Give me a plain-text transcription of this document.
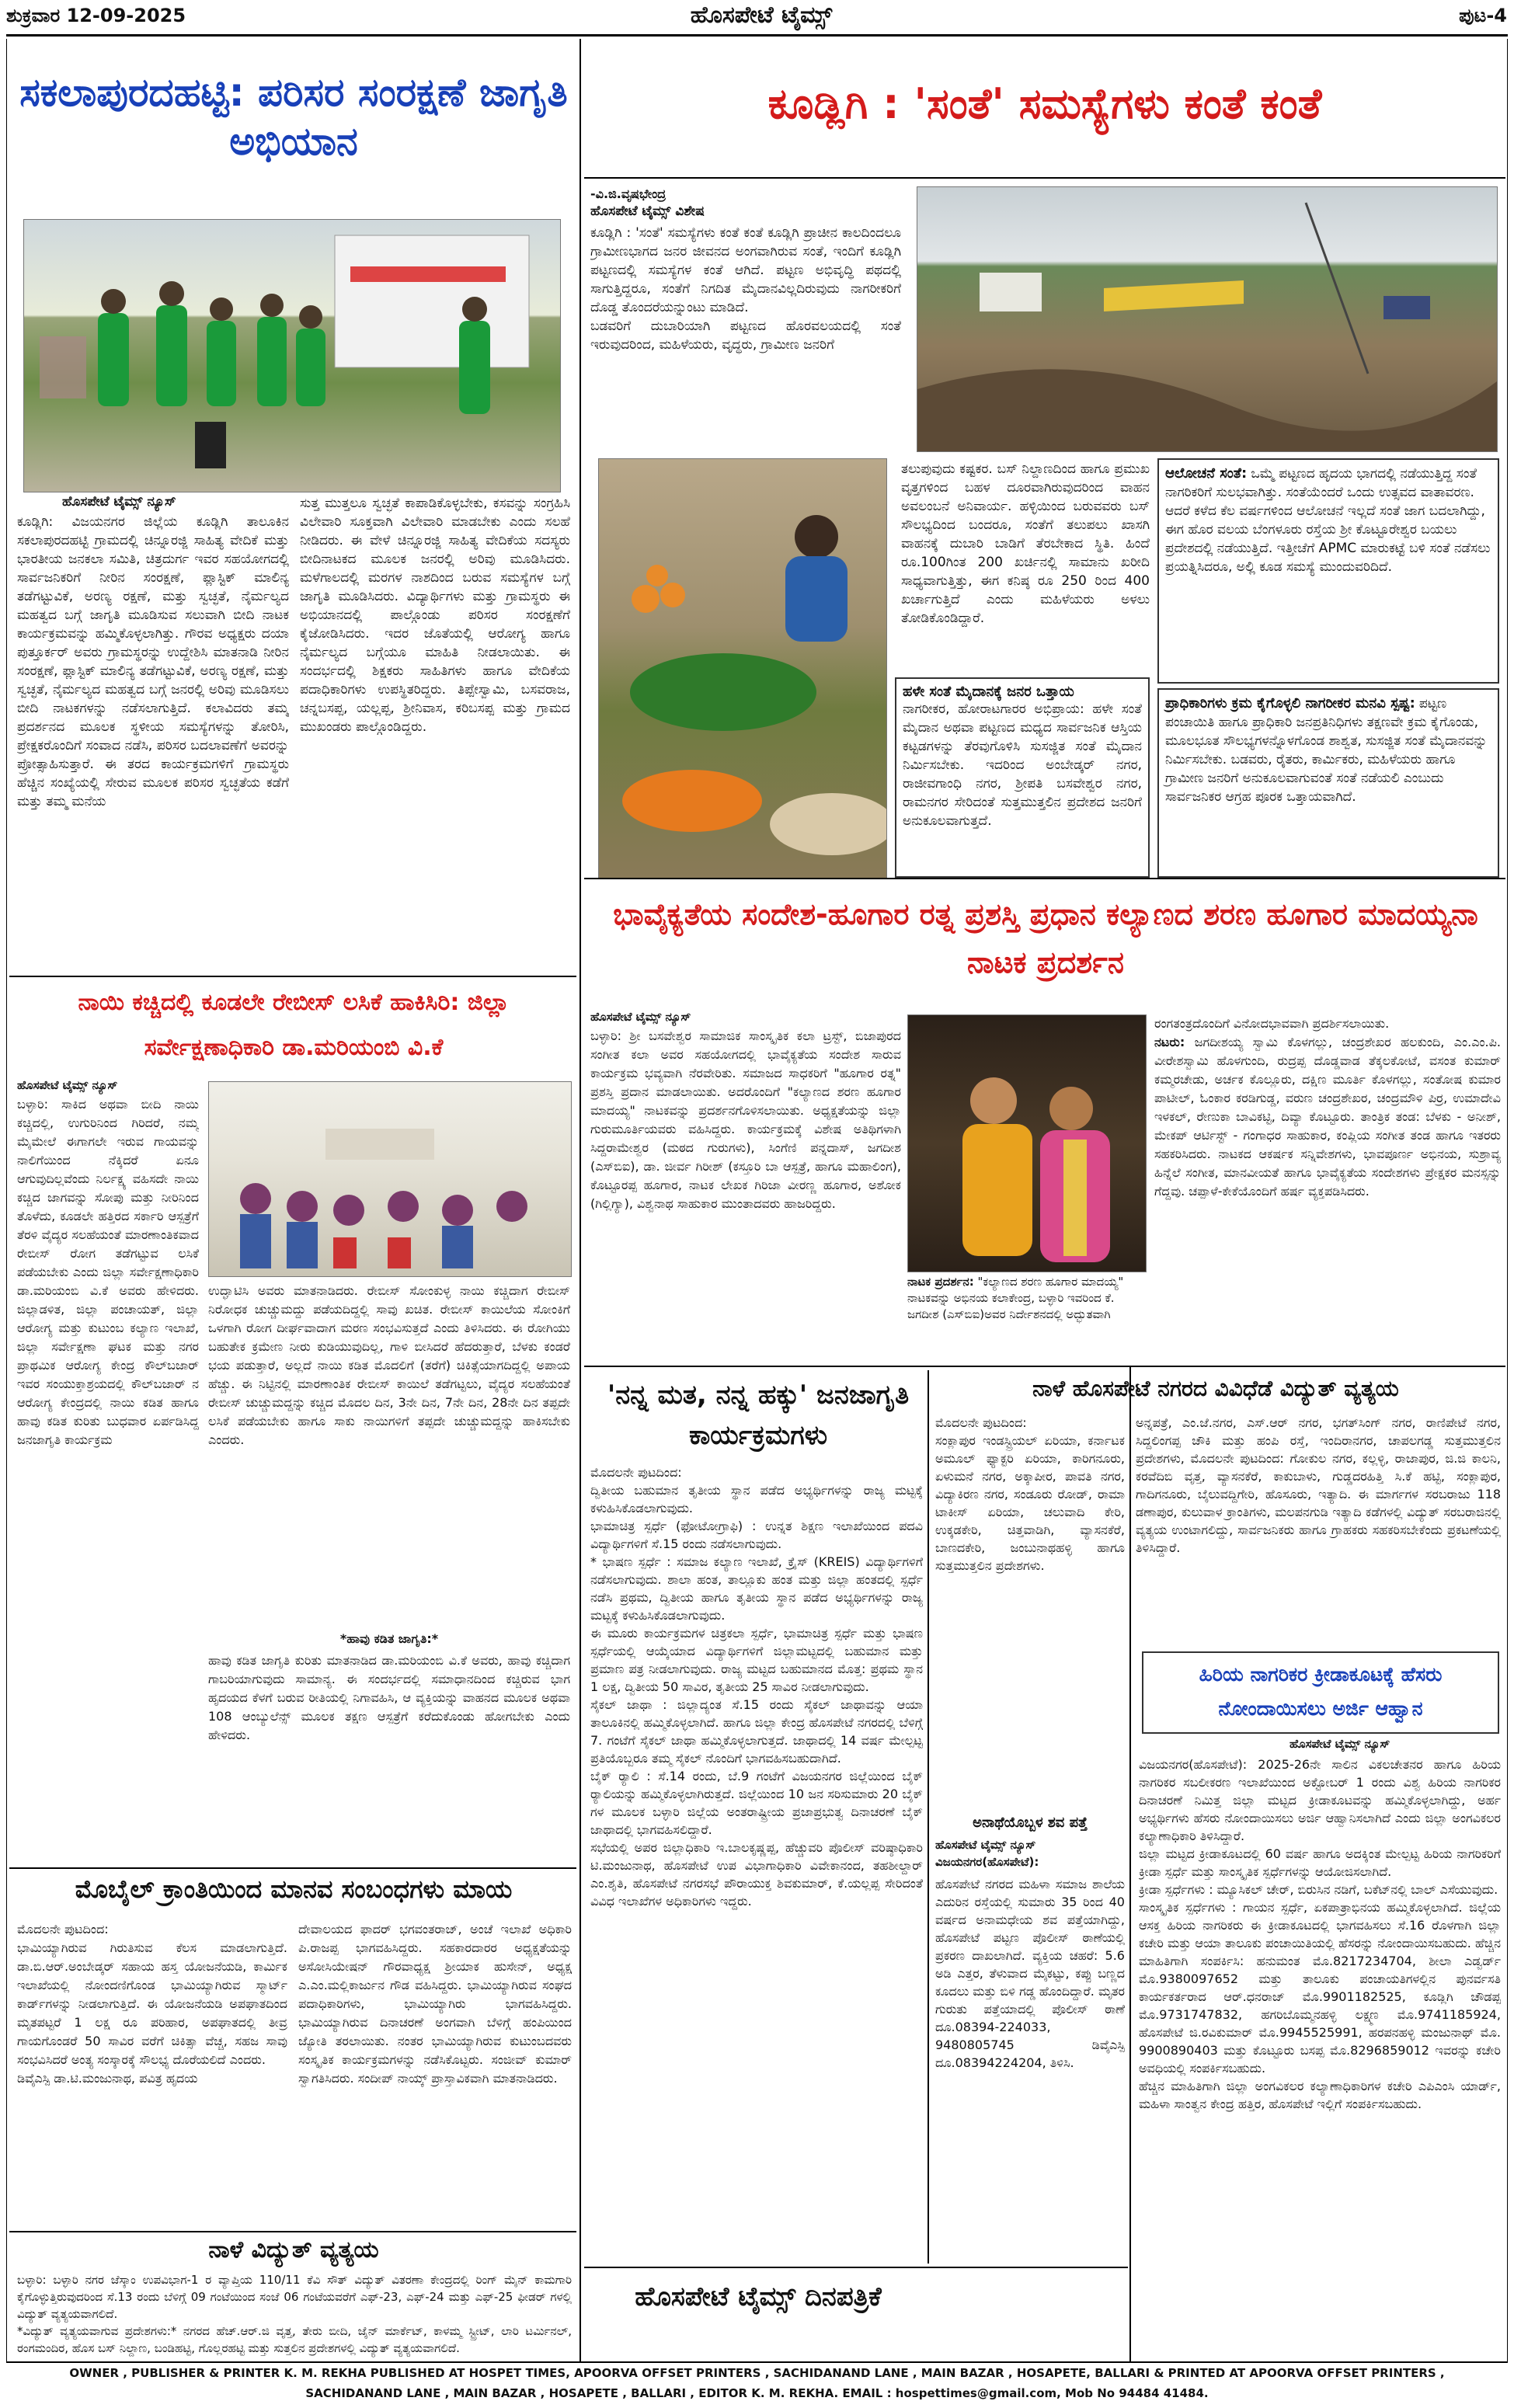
ಶುಕ್ರವಾರ 12-09-2025	ಹೊಸಪೇಟೆ ಟೈಮ್ಸ್	ಪುಟ-4
ಸಕಲಾಪುರದಹಟ್ಟಿ: ಪರಿಸರ ಸಂರಕ್ಷಣೆ ಜಾಗೃತಿ ಅಭಿಯಾನ
ಹೊಸಪೇಟೆ ಟೈಮ್ಸ್ ನ್ಯೂಸ್
ಕೂಡ್ಲಿಗಿ: ವಿಜಯನಗರ ಜಿಲ್ಲೆಯ ಕೂಡ್ಲಿಗಿ ತಾಲೂಕಿನ ಸಕಲಾಪುರದಹಟ್ಟಿ ಗ್ರಾಮದಲ್ಲಿ ಚಿನ್ನೂರಜ್ಜಿ ಸಾಹಿತ್ಯ ವೇದಿಕೆ ಮತ್ತು ಭಾರತೀಯ ಜನಕಲಾ ಸಮಿತಿ, ಚಿತ್ರದುರ್ಗ ಇವರ ಸಹಯೋಗದಲ್ಲಿ ಸಾರ್ವಜನಿಕರಿಗೆ ನೀರಿನ ಸಂರಕ್ಷಣೆ, ಪ್ಲಾಸ್ಟಿಕ್ ಮಾಲಿನ್ಯ ತಡೆಗಟ್ಟುವಿಕೆ, ಅರಣ್ಯ ರಕ್ಷಣೆ, ಮತ್ತು ಸ್ವಚ್ಛತೆ, ನೈರ್ಮಲ್ಯದ ಮಹತ್ವದ ಬಗ್ಗೆ ಜಾಗೃತಿ ಮೂಡಿಸುವ ಸಲುವಾಗಿ ಬೀದಿ ನಾಟಕ ಕಾರ್ಯಕ್ರಮವನ್ನು ಹಮ್ಮಿಕೊಳ್ಳಲಾಗಿತ್ತು. ಗೌರವ ಅಧ್ಯಕ್ಷರು ದಯಾ ಪುತ್ತೂರ್ಕರ್ ಅವರು ಗ್ರಾಮಸ್ಥರನ್ನು ಉದ್ದೇಶಿಸಿ ಮಾತನಾಡಿ ನೀರಿನ ಸಂರಕ್ಷಣೆ, ಪ್ಲಾಸ್ಟಿಕ್ ಮಾಲಿನ್ಯ ತಡೆಗಟ್ಟುವಿಕೆ, ಅರಣ್ಯ ರಕ್ಷಣೆ, ಮತ್ತು ಸ್ವಚ್ಛತೆ, ನೈರ್ಮಲ್ಯದ ಮಹತ್ವದ ಬಗ್ಗೆ ಜನರಲ್ಲಿ ಅರಿವು ಮೂಡಿಸಲು ಬೀದಿ ನಾಟಕಗಳನ್ನು ನಡೆಸಲಾಗುತ್ತಿದೆ. ಕಲಾವಿದರು ತಮ್ಮ ಪ್ರದರ್ಶನದ ಮೂಲಕ ಸ್ಥಳೀಯ ಸಮಸ್ಯೆಗಳನ್ನು ತೋರಿಸಿ, ಪ್ರೇಕ್ಷಕರೊಂದಿಗೆ ಸಂವಾದ ನಡೆಸಿ, ಪರಿಸರ ಬದಲಾವಣೆಗೆ ಅವರನ್ನು ಪ್ರೋತ್ಸಾಹಿಸುತ್ತಾರೆ. ಈ ತರದ ಕಾರ್ಯಕ್ರಮಗಳಿಗೆ ಗ್ರಾಮಸ್ಥರು ಹೆಚ್ಚಿನ ಸಂಖ್ಯೆಯಲ್ಲಿ ಸೇರುವ ಮೂಲಕ ಪರಿಸರ ಸ್ವಚ್ಛತೆಯ ಕಡೆಗೆ ಮತ್ತು ತಮ್ಮ ಮನೆಯ
ಸುತ್ತ ಮುತ್ತಲೂ ಸ್ವಚ್ಛತೆ ಕಾಪಾಡಿಕೊಳ್ಳಬೇಕು, ಕಸವನ್ನು ಸಂಗ್ರಹಿಸಿ ವಿಲೇವಾರಿ ಸೂಕ್ತವಾಗಿ ವಿಲೇವಾರಿ ಮಾಡಬೇಕು ಎಂದು ಸಲಹೆ ನೀಡಿದರು. ಈ ವೇಳೆ ಚಿನ್ನೂರಜ್ಜಿ ಸಾಹಿತ್ಯ ವೇದಿಕೆಯ ಸದಸ್ಯರು ಬೀದಿನಾಟಕದ ಮೂಲಕ ಜನರಲ್ಲಿ ಅರಿವು ಮೂಡಿಸಿದರು. ಮಳೆಗಾಲದಲ್ಲಿ ಮರಗಳ ನಾಶದಿಂದ ಬರುವ ಸಮಸ್ಯೆಗಳ ಬಗ್ಗೆ ಜಾಗೃತಿ ಮೂಡಿಸಿದರು. ವಿದ್ಯಾರ್ಥಿಗಳು ಮತ್ತು ಗ್ರಾಮಸ್ಥರು ಈ ಅಭಿಯಾನದಲ್ಲಿ ಪಾಲ್ಗೊಂಡು ಪರಿಸರ ಸಂರಕ್ಷಣೆಗೆ ಕೈಜೋಡಿಸಿದರು. ಇದರ ಜೊತೆಯಲ್ಲಿ ಆರೋಗ್ಯ ಹಾಗೂ ನೈರ್ಮಲ್ಯದ ಬಗ್ಗೆಯೂ ಮಾಹಿತಿ ನೀಡಲಾಯಿತು. ಈ ಸಂದರ್ಭದಲ್ಲಿ ಶಿಕ್ಷಕರು ಸಾಹಿತಿಗಳು ಹಾಗೂ ವೇದಿಕೆಯ ಪದಾಧಿಕಾರಿಗಳು ಉಪಸ್ಥಿತರಿದ್ದರು. ತಿಪ್ಪೇಸ್ವಾಮಿ, ಬಸವರಾಜ, ಚನ್ನಬಸಪ್ಪ, ಯಲ್ಲಪ್ಪ, ಶ್ರೀನಿವಾಸ, ಕರಿಬಸಪ್ಪ ಮತ್ತು ಗ್ರಾಮದ ಮುಖಂಡರು ಪಾಲ್ಗೊಂಡಿದ್ದರು.
ಕೂಡ್ಲಿಗಿ : 'ಸಂತೆ' ಸಮಸ್ಯೆಗಳು ಕಂತೆ ಕಂತೆ
-ವಿ.ಜಿ.ವೃಷಭೇಂದ್ರ
ಹೊಸಪೇಟೆ ಟೈಮ್ಸ್ ವಿಶೇಷ
ಕೂಡ್ಲಿಗಿ : 'ಸಂತೆ' ಸಮಸ್ಯೆಗಳು ಕಂತೆ ಕಂತೆ ಕೂಡ್ಲಿಗಿ ಪ್ರಾಚೀನ ಕಾಲದಿಂದಲೂ ಗ್ರಾಮೀಣಭಾಗದ ಜನರ ಜೀವನದ ಅಂಗವಾಗಿರುವ ಸಂತೆ, ಇಂದಿಗೆ ಕೂಡ್ಲಿಗಿ ಪಟ್ಟಣದಲ್ಲಿ ಸಮಸ್ಯೆಗಳ ಕಂತೆ ಆಗಿದೆ. ಪಟ್ಟಣ ಅಭಿವೃದ್ಧಿ ಪಥದಲ್ಲಿ ಸಾಗುತ್ತಿದ್ದರೂ, ಸಂತೆಗೆ ನಿಗದಿತ ಮೈದಾನವಿಲ್ಲದಿರುವುದು ನಾಗರೀಕರಿಗೆ ದೊಡ್ಡ ತೊಂದರೆಯನ್ನುಂಟು ಮಾಡಿದೆ.
ಬಡವರಿಗೆ ದುಬಾರಿಯಾಗಿ ಪಟ್ಟಣದ ಹೊರವಲಯದಲ್ಲಿ ಸಂತೆ ಇರುವುದರಿಂದ, ಮಹಿಳೆಯರು, ವೃದ್ಧರು, ಗ್ರಾಮೀಣ ಜನರಿಗೆ
ತಲುಪುವುದು ಕಷ್ಟಕರ. ಬಸ್ ನಿಲ್ದಾಣದಿಂದ ಹಾಗೂ ಪ್ರಮುಖ ವೃತ್ತಗಳಿಂದ ಬಹಳ ದೂರವಾಗಿರುವುದರಿಂದ ವಾಹನ ಅವಲಂಬನೆ ಅನಿವಾರ್ಯ. ಹಳ್ಳಿಯಿಂದ ಬರುವವರು ಬಸ್ ಸೌಲಭ್ಯದಿಂದ ಬಂದರೂ, ಸಂತೆಗೆ ತಲುಪಲು ಖಾಸಗಿ ವಾಹನಕ್ಕೆ ದುಬಾರಿ ಬಾಡಿಗೆ ತೆರಬೇಕಾದ ಸ್ಥಿತಿ. ಹಿಂದೆ ರೂ.100ಗಿಂತ 200 ಖರ್ಚಿನಲ್ಲಿ ಸಾಮಾನು ಖರೀದಿ ಸಾಧ್ಯವಾಗುತ್ತಿತ್ತು, ಈಗ ಕನಿಷ್ಠ ರೂ 250 ರಿಂದ 400 ಖರ್ಚಾಗುತ್ತಿದೆ ಎಂದು ಮಹಿಳೆಯರು ಅಳಲು ತೋಡಿಕೊಂಡಿದ್ದಾರೆ.
ಹಳೇ ಸಂತೆ ಮೈದಾನಕ್ಕೆ ಜನರ ಒತ್ತಾಯ
ನಾಗರೀಕರ, ಹೋರಾಟಗಾರರ ಅಭಿಪ್ರಾಯ: ಹಳೇ ಸಂತೆ ಮೈದಾನ ಅಥವಾ ಪಟ್ಟಣದ ಮಧ್ಯದ ಸಾರ್ವಜನಿಕ ಆಸ್ತಿಯ ಕಟ್ಟಡಗಳನ್ನು ತೆರವುಗೊಳಿಸಿ ಸುಸಜ್ಜಿತ ಸಂತೆ ಮೈದಾನ ನಿರ್ಮಿಸಬೇಕು. ಇದರಿಂದ ಅಂಬೇಡ್ಕರ್ ನಗರ, ರಾಜೀವಗಾಂಧಿ ನಗರ, ಶ್ರೀಪತಿ ಬಸವೇಶ್ವರ ನಗರ, ರಾಮನಗರ ಸೇರಿದಂತೆ ಸುತ್ತಮುತ್ತಲಿನ ಪ್ರದೇಶದ ಜನರಿಗೆ ಅನುಕೂಲವಾಗುತ್ತದೆ.
ಆಲೋಚನೆ ಸಂತೆ: ಒಮ್ಮೆ ಪಟ್ಟಣದ ಹೃದಯ ಭಾಗದಲ್ಲಿ ನಡೆಯುತ್ತಿದ್ದ ಸಂತೆ ನಾಗರಿಕರಿಗೆ ಸುಲಭವಾಗಿತ್ತು. ಸಂತೆಯೆಂದರೆ ಒಂದು ಉತ್ಸವದ ವಾತಾವರಣ. ಆದರೆ ಕಳೆದ ಕೆಲ ವರ್ಷಗಳಿಂದ ಆಲೋಚನೆ ಇಲ್ಲದೆ ಸಂತೆ ಜಾಗ ಬದಲಾಗಿದ್ದು, ಈಗ ಹೊರ ವಲಯ ಬೆಂಗಳೂರು ರಸ್ತೆಯ ಶ್ರೀ ಕೊಟ್ಟೂರೇಶ್ವರ ಬಯಲು ಪ್ರದೇಶದಲ್ಲಿ ನಡೆಯುತ್ತಿದೆ. ಇತ್ತೀಚೆಗೆ APMC ಮಾರುಕಟ್ಟೆ ಬಳಿ ಸಂತೆ ನಡೆಸಲು ಪ್ರಯತ್ನಿಸಿದರೂ, ಅಲ್ಲಿ ಕೂಡ ಸಮಸ್ಯೆ ಮುಂದುವರಿದಿದೆ.
ಪ್ರಾಧಿಕಾರಿಗಳು ಕ್ರಮ ಕೈಗೊಳ್ಳಲಿ ನಾಗರೀಕರ ಮನವಿ ಸ್ಪಷ್ಟ: ಪಟ್ಟಣ ಪಂಚಾಯಿತಿ ಹಾಗೂ ಪ್ರಾಧಿಕಾರಿ ಜನಪ್ರತಿನಿಧಿಗಳು ತಕ್ಷಣವೇ ಕ್ರಮ ಕೈಗೊಂಡು, ಮೂಲಭೂತ ಸೌಲಭ್ಯಗಳನ್ನೊಳಗೊಂಡ ಶಾಶ್ವತ, ಸುಸಜ್ಜಿತ ಸಂತೆ ಮೈದಾನವನ್ನು ನಿರ್ಮಿಸಬೇಕು. ಬಡವರು, ರೈತರು, ಕಾರ್ಮಿಕರು, ಮಹಿಳೆಯರು ಹಾಗೂ ಗ್ರಾಮೀಣ ಜನರಿಗೆ ಅನುಕೂಲವಾಗುವಂತೆ ಸಂತೆ ನಡೆಯಲಿ ಎಂಬುದು ಸಾರ್ವಜನಿಕರ ಆಗ್ರಹ ಪೂರಕ ಒತ್ತಾಯವಾಗಿದೆ.
ನಾಯಿ ಕಚ್ಚಿದಲ್ಲಿ ಕೂಡಲೇ ರೇಬೀಸ್ ಲಸಿಕೆ ಹಾಕಿಸಿರಿ: ಜಿಲ್ಲಾ ಸರ್ವೇಕ್ಷಣಾಧಿಕಾರಿ ಡಾ.ಮರಿಯಂಬಿ ವಿ.ಕೆ
ಹೊಸಪೇಟೆ ಟೈಮ್ಸ್ ನ್ಯೂಸ್
ಬಳ್ಳಾರಿ: ಸಾಕಿದ ಅಥವಾ ಬೀದಿ ನಾಯಿ ಕಚ್ಚಿದಲ್ಲಿ, ಉಗುರಿನಿಂದ ಗಿರಿದರೆ, ನಮ್ಮ ಮೈಮೇಲೆ ಈಗಾಗಲೇ ಇರುವ ಗಾಯವನ್ನು ನಾಲಿಗೆಯಿಂದ ನೆಕ್ಕಿದರೆ ಏನೂ ಆಗುವುದಿಲ್ಲವೆಂದು ನಿರ್ಲಕ್ಷ್ಯ ವಹಿಸದೇ ನಾಯಿ ಕಚ್ಚಿದ ಜಾಗವನ್ನು ಸೋಪು ಮತ್ತು ನೀರಿನಿಂದ ತೊಳೆದು, ಕೂಡಲೇ ಹತ್ತಿರದ ಸರ್ಕಾರಿ ಆಸ್ಪತ್ರೆಗೆ ತೆರಳಿ ವೈದ್ಯರ ಸಲಹೆಯಂತೆ ಮಾರಣಾಂತಿಕವಾದ ರೇಬೀಸ್ ರೋಗ ತಡೆಗಟ್ಟುವ ಲಸಿಕೆ ಪಡೆಯಬೇಕು ಎಂದು ಜಿಲ್ಲಾ ಸರ್ವೇಕ್ಷಣಾಧಿಕಾರಿ ಡಾ.ಮರಿಯಂಬಿ ವಿ.ಕೆ ಅವರು ಹೇಳಿದರು. ಜಿಲ್ಲಾಡಳಿತ, ಜಿಲ್ಲಾ ಪಂಚಾಯತ್, ಜಿಲ್ಲಾ ಆರೋಗ್ಯ ಮತ್ತು ಕುಟುಂಬ ಕಲ್ಯಾಣ ಇಲಾಖೆ, ಜಿಲ್ಲಾ ಸರ್ವೇಕ್ಷಣಾ ಘಟಕ ಮತ್ತು ನಗರ ಪ್ರಾಥಮಿಕ ಆರೋಗ್ಯ ಕೇಂದ್ರ ಕೌಲ್‌ಬಜಾರ್ ಇವರ ಸಂಯುಕ್ತಾಶ್ರಯದಲ್ಲಿ ಕೌಲ್‌ಬಜಾರ್ ನ ಆರೋಗ್ಯ ಕೇಂದ್ರದಲ್ಲಿ ನಾಯಿ ಕಡಿತ ಹಾಗೂ ಹಾವು ಕಡಿತ ಕುರಿತು ಬುಧವಾರ ಏರ್ಪಡಿಸಿದ್ದ ಜನಜಾಗೃತಿ ಕಾರ್ಯಕ್ರಮ
ಉದ್ಘಾಟಿಸಿ ಅವರು ಮಾತನಾಡಿದರು. ರೇಬೀಸ್ ಸೋಂಕುಳ್ಳ ನಾಯಿ ಕಚ್ಚಿದಾಗ ರೇಬೀಸ್ ನಿರೋಧಕ ಚುಚ್ಚುಮದ್ದು ಪಡೆಯದಿದ್ದಲ್ಲಿ ಸಾವು ಖಚಿತ. ರೇಬೀಸ್ ಕಾಯಿಲೆಯ ಸೋಂಕಿಗೆ ಒಳಗಾಗಿ ರೋಗ ದೀರ್ಘವಾದಾಗ ಮರಣ ಸಂಭವಿಸುತ್ತದೆ ಎಂದು ತಿಳಿಸಿದರು. ಈ ರೋಗಿಯು ಬಹುತೇಕ ಕ್ರಮೇಣ ನೀರು ಕುಡಿಯುವುದಿಲ್ಲ, ಗಾಳಿ ಬೀಸಿದರೆ ಹೆದರುತ್ತಾರೆ, ಬೆಳಕು ಕಂಡರೆ ಭಯ ಪಡುತ್ತಾರೆ, ಅಲ್ಲದೆ ನಾಯಿ ಕಡಿತ ಮೊದಲಿಗೆ (ತರೆಗೆ) ಚಿಕಿತ್ಸೆಯಾಗದಿದ್ದಲ್ಲಿ ಅಪಾಯ ಹೆಚ್ಚು. ಈ ನಿಟ್ಟಿನಲ್ಲಿ ಮಾರಣಾಂತಿಕ ರೇಬೀಸ್ ಕಾಯಿಲೆ ತಡೆಗಟ್ಟಲು, ವೈದ್ಯರ ಸಲಹೆಯಂತೆ ರೇಬೀಸ್ ಚುಚ್ಚುಮದ್ದನ್ನು ಕಚ್ಚಿದ ಮೊದಲ ದಿನ, 3ನೇ ದಿನ, 7ನೇ ದಿನ, 28ನೇ ದಿನ ತಪ್ಪದೇ ಲಸಿಕೆ ಪಡೆಯಬೇಕು ಹಾಗೂ ಸಾಕು ನಾಯಿಗಳಿಗೆ ತಪ್ಪದೇ ಚುಚ್ಚುಮದ್ದನ್ನು ಹಾಕಿಸಬೇಕು ಎಂದರು.
*ಹಾವು ಕಡಿತ ಜಾಗೃತಿ:*
ಹಾವು ಕಡಿತ ಜಾಗೃತಿ ಕುರಿತು ಮಾತನಾಡಿದ ಡಾ.ಮರಿಯಂಬಿ ವಿ.ಕೆ ಅವರು, ಹಾವು ಕಚ್ಚಿದಾಗ ಗಾಬರಿಯಾಗುವುದು ಸಾಮಾನ್ಯ. ಈ ಸಂದರ್ಭದಲ್ಲಿ ಸಮಾಧಾನದಿಂದ ಕಚ್ಚಿರುವ ಭಾಗ ಹೃದಯದ ಕೆಳಗೆ ಬರುವ ರೀತಿಯಲ್ಲಿ ನಿಗಾವಹಿಸಿ, ಆ ವ್ಯಕ್ತಿಯನ್ನು ವಾಹನದ ಮೂಲಕ ಅಥವಾ 108 ಆಂಬ್ಯುಲೆನ್ಸ್ ಮೂಲಕ ತಕ್ಷಣ ಆಸ್ಪತ್ರೆಗೆ ಕರೆದುಕೊಂಡು ಹೋಗಬೇಕು ಎಂದು ಹೇಳಿದರು.
ಭಾವೈಕ್ಯತೆಯ ಸಂದೇಶ-ಹೂಗಾರ ರತ್ನ ಪ್ರಶಸ್ತಿ ಪ್ರಧಾನ ಕಲ್ಯಾಣದ ಶರಣ ಹೂಗಾರ ಮಾದಯ್ಯನಾ ನಾಟಕ ಪ್ರದರ್ಶನ
ಹೊಸಪೇಟೆ ಟೈಮ್ಸ್ ನ್ಯೂಸ್
ಬಳ್ಳಾರಿ: ಶ್ರೀ ಬಸವೇಶ್ವರ ಸಾಮಾಜಿಕ ಸಾಂಸ್ಕೃತಿಕ ಕಲಾ ಟ್ರಸ್ಟ್, ಬಿಜಾಪುರದ ಸಂಗೀತ ಕಲಾ ಅವರ ಸಹಯೋಗದಲ್ಲಿ ಭಾವೈಕ್ಯತೆಯ ಸಂದೇಶ ಸಾರುವ ಕಾರ್ಯಕ್ರಮ ಭವ್ಯವಾಗಿ ನೆರವೇರಿತು. ಸಮಾಜದ ಸಾಧಕರಿಗೆ "ಹೂಗಾರ ರತ್ನ" ಪ್ರಶಸ್ತಿ ಪ್ರದಾನ ಮಾಡಲಾಯಿತು. ಅದರೊಂದಿಗೆ "ಕಲ್ಯಾಣದ ಶರಣ ಹೂಗಾರ ಮಾದಯ್ಯ" ನಾಟಕವನ್ನು ಪ್ರದರ್ಶನಗೊಳಿಸಲಾಯಿತು. ಅಧ್ಯಕ್ಷತೆಯನ್ನು ಜಿಲ್ಲಾ ಗುರುಮೂರ್ತಿಯವರು ವಹಿಸಿದ್ದರು. ಕಾರ್ಯಕ್ರಮಕ್ಕೆ ವಿಶೇಷ ಅತಿಥಿಗಳಾಗಿ ಸಿದ್ದರಾಮೇಶ್ವರ (ಮಠದ ಗುರುಗಳು), ಸಿಂಗೆಣಿ ಪನ್ನದಾಸ್, ಜಗದೀಶ (ಎಸ್‌ಬಿಐ), ಡಾ. ಜೀರ್ವ ಗಿರೀಶ್ (ಕಸ್ತೂರಿ ಬಾ ಆಸ್ಪತ್ರೆ, ಹಾಗೂ ಮಹಾಲಿಂಗ), ಕೊಟ್ಟೂರಪ್ಪ ಹೂಗಾರ, ನಾಟಕ ಲೇಖಕ ಗಿರಿಜಾ ವೀರಣ್ಣ ಹೂಗಾರ, ಅಶೋಕ (ಗಿಲ್ಲಿಗ್ಯಾ), ವಿಶ್ವನಾಥ ಸಾಹುಕಾರ ಮುಂತಾದವರು ಹಾಜರಿದ್ದರು.
ನಾಟಕ ಪ್ರದರ್ಶನ: "ಕಲ್ಯಾಣದ ಶರಣ ಹೂಗಾರ ಮಾದಯ್ಯ" ನಾಟಕವನ್ನು ಅಭಿನಯ ಕಲಾಕೇಂದ್ರ, ಬಳ್ಳಾರಿ ಇವರಿಂದ ಕೆ. ಜಗದೀಶ (ಎಸ್‌ಬಿಐ)ಅವರ ನಿರ್ದೇಶನದಲ್ಲಿ ಅದ್ಭುತವಾಗಿ
ರಂಗತಂತ್ರದೊಂದಿಗೆ ವಿನೋದಭಾವವಾಗಿ ಪ್ರದರ್ಶಿಸಲಾಯಿತು.
ನಟರು: ಜಗದೀಶಯ್ಯ ಸ್ವಾಮಿ ಕೊಳಗಲ್ಲು, ಚಂದ್ರಶೇಖರ ಹಲಕುಂದಿ, ಎಂ.ಎಂ.ಪಿ. ವೀರೇಶಸ್ವಾಮಿ ಹೊಳಗುಂದಿ, ರುದ್ರಪ್ಪ ದೊಡ್ಡವಾಡ ತೆಕ್ಕಲಕೋಟೆ, ವಸಂತ ಕುಮಾರ್ ಕಮ್ಮರಚೇಡು, ಅರ್ಚಕ ಕೊಲ್ಲೂರು, ದಕ್ಷಿಣ ಮೂರ್ತಿ ಕೊಳಗಲ್ಲು, ಸಂತೋಷ ಕುಮಾರ ಪಾಟೀಲ್, ಓಂಕಾರ ಕರಡಿಗುಡ್ಡ, ವರುಣ ಚಂದ್ರಶೇಖರ, ಚಂದ್ರಮೌಳಿ ಪಿರ್ರ, ಉಮಾದೇವಿ ಇಳಕಲ್, ರೇಣುಕಾ ಬಾವಿಕಟ್ಟಿ, ದಿವ್ಯಾ ಕೊಟ್ಟೂರು. ತಾಂತ್ರಿಕ ತಂಡ: ಬೆಳಕು - ಅನೀಶ್, ಮೇಕಪ್ ಆರ್ಟಿಸ್ಟ್ - ಗಂಗಾಧರ ಸಾಹುಕಾರ, ಕಂಪ್ಲಿಯ ಸಂಗೀತ ತಂಡ ಹಾಗೂ ಇತರರು ಸಹಕರಿಸಿದರು. ನಾಟಕದ ಆಕರ್ಷಕ ಸನ್ನಿವೇಶಗಳು, ಭಾವಪೂರ್ಣ ಅಭಿನಯ, ಸುಶ್ರಾವ್ಯ ಹಿನ್ನೆಲೆ ಸಂಗೀತ, ಮಾನವೀಯತೆ ಹಾಗೂ ಭಾವೈಕ್ಯತೆಯ ಸಂದೇಶಗಳು ಪ್ರೇಕ್ಷಕರ ಮನಸ್ಸನ್ನು ಗೆದ್ದವು. ಚಪ್ಪಾಳೆ-ಕೇಕೆಯೊಂದಿಗೆ ಹರ್ಷ ವ್ಯಕ್ತಪಡಿಸಿದರು.
ಮೊಬೈಲ್ ಕ್ರಾಂತಿಯಿಂದ ಮಾನವ ಸಂಬಂಧಗಳು ಮಾಯ
ಮೊದಲನೇ ಪುಟದಿಂದ:
ಭಾಮಿಯ್ಯಾಗಿರುವ ಗಿರುತಿಸುವ ಕೆಲಸ ಮಾಡಲಾಗುತ್ತಿದೆ. ಡಾ.ಬಿ.ಆರ್.ಅಂಬೇಡ್ಕರ್ ಸಹಾಯ ಹಸ್ತ ಯೋಜನೆಯಡಿ, ಕಾರ್ಮಿಕ ಇಲಾಖೆಯಲ್ಲಿ ನೋಂದಣಿಗೊಂಡ ಭಾಮಿಯ್ಯಾಗಿರುವ ಸ್ಮಾರ್ಟ್ ಕಾರ್ಡ್‌ಗಳನ್ನು ನೀಡಲಾಗುತ್ತಿದೆ. ಈ ಯೋಜನೆಯಡಿ ಅಪಘಾತದಿಂದ ಮೃತಪಟ್ಟರೆ 1 ಲಕ್ಷ ರೂ ಪರಿಹಾರ, ಅಪಘಾತದಲ್ಲಿ ತೀವ್ರ ಗಾಯಗೊಂಡರೆ 50 ಸಾವಿರ ವರೆಗೆ ಚಿಕಿತ್ಸಾ ವೆಚ್ಚ, ಸಹಜ ಸಾವು ಸಂಭವಿಸಿದರೆ ಅಂತ್ಯ ಸಂಸ್ಕಾರಕ್ಕೆ ಸೌಲಭ್ಯ ದೊರೆಯಲಿದೆ ಎಂದರು.
ಡಿವೈಎಸ್ಪಿ ಡಾ.ಟಿ.ಮಂಜುನಾಥ, ಪವಿತ್ರ ಹೃದಯ
ದೇವಾಲಯದ ಫಾದರ್ ಭಗವಂತರಾಜ್, ಅಂಚೆ ಇಲಾಖೆ ಅಧಿಕಾರಿ ಪಿ.ರಾಜಪ್ಪ ಭಾಗವಹಿಸಿದ್ದರು. ಸಹಕಾರದಾರರ ಅಧ್ಯಕ್ಷತೆಯನ್ನು ಅಸೋಸಿಯೇಷನ್ ಗೌರವಾಧ್ಯಕ್ಷ ಶ್ರೀಯಾಕ ಹುಸೇನ್, ಅಧ್ಯಕ್ಷ ಎ.ಎಂ.ಮಲ್ಲಿಕಾರ್ಜುನ ಗೌಡ ವಹಿಸಿದ್ದರು. ಭಾಮಿಯ್ಯಾಗಿರುವ ಸಂಘದ ಪದಾಧಿಕಾರಿಗಳು, ಭಾಮಿಯ್ಯಾಗಿರು ಭಾಗವಹಿಸಿದ್ದರು. ಭಾಮಿಯ್ಯಾಗಿರುವ ದಿನಾಚರಣೆ ಅಂಗವಾಗಿ ಬೆಳಿಗ್ಗೆ ಹಂಪಿಯಿಂದ ಜ್ಯೋತಿ ತರಲಾಯಿತು. ನಂತರ ಭಾಮಿಯ್ಯಾಗಿರುವ ಕುಟುಂಬದವರು ಸಂಸ್ಕೃತಿಕ ಕಾರ್ಯಕ್ರಮಗಳನ್ನು ನಡೆಸಿಕೊಟ್ಟರು. ಸಂಜೀವ್ ಕುಮಾರ್ ಸ್ವಾಗತಿಸಿದರು. ಸಂದೀಪ್ ನಾಯ್ಕ್ ಪ್ರಾಸ್ತಾವಿಕವಾಗಿ ಮಾತನಾಡಿದರು.
ನಾಳೆ ವಿದ್ಯುತ್ ವ್ಯತ್ಯಯ
ಬಳ್ಳಾರಿ: ಬಳ್ಳಾರಿ ನಗರ ಜೆಸ್ಕಾಂ ಉಪವಿಭಾಗ-1 ರ ವ್ಯಾಪ್ತಿಯ 110/11 ಕೆವಿ ಸೌತ್ ವಿದ್ಯುತ್ ವಿತರಣಾ ಕೇಂದ್ರದಲ್ಲಿ ರಿಂಗ್ ಮೈನ್ ಕಾಮಗಾರಿ ಕೈಗೊಳ್ಳುತ್ತಿರುವುದರಿಂದ ಸೆ.13 ರಂದು ಬೆಳಿಗ್ಗೆ 09 ಗಂಟೆಯಿಂದ ಸಂಜೆ 06 ಗಂಟೆಯವರೆಗೆ ಎಫ್-23, ಎಫ್-24 ಮತ್ತು ಎಫ್-25 ಫೀಡರ್ ಗಳಲ್ಲಿ ವಿದ್ಯುತ್ ವ್ಯತ್ಯಯವಾಗಲಿದೆ.
*ವಿದ್ಯುತ್ ವ್ಯತ್ಯಯವಾಗುವ ಪ್ರದೇಶಗಳು:* ನಗರದ ಹೆಚ್.ಆರ್.ಜಿ ವೃತ್ತ, ತೇರು ಬೀದಿ, ಜೈನ್ ಮಾರ್ಕೆಟ್, ಕಾಳಮ್ಮ ಸ್ಟ್ರೀಟ್, ಲಾರಿ ಟರ್ಮಿನಲ್, ರಂಗಮಂದಿರ, ಹೊಸ ಬಸ್ ನಿಲ್ದಾಣ, ಬಂಡಿಹಟ್ಟಿ, ಗೊಲ್ಲರಹಟ್ಟಿ ಮತ್ತು ಸುತ್ತಲಿನ ಪ್ರದೇಶಗಳಲ್ಲಿ ವಿದ್ಯುತ್ ವ್ಯತ್ಯಯವಾಗಲಿದೆ.
'ನನ್ನ ಮತ, ನನ್ನ ಹಕ್ಕು' ಜನಜಾಗೃತಿ ಕಾರ್ಯಕ್ರಮಗಳು
ಮೊದಲನೇ ಪುಟದಿಂದ:
ದ್ವಿತೀಯ ಬಹುಮಾನ ತೃತೀಯ ಸ್ಥಾನ ಪಡೆದ ಅಭ್ಯರ್ಥಿಗಳನ್ನು ರಾಜ್ಯ ಮಟ್ಟಕ್ಕೆ ಕಳುಹಿಸಿಕೊಡಲಾಗುವುದು.
ಭಾಮಾಚಿತ್ರ ಸ್ಪರ್ಧೆ (ಫೋಟೋಗ್ರಾಫಿ) : ಉನ್ನತ ಶಿಕ್ಷಣ ಇಲಾಖೆಯಿಂದ ಪದವಿ ವಿದ್ಯಾರ್ಥಿಗಳಿಗೆ ಸೆ.15 ರಂದು ನಡೆಸಲಾಗುವುದು.
* ಭಾಷಣ ಸ್ಪರ್ಧೆ : ಸಮಾಜ ಕಲ್ಯಾಣ ಇಲಾಖೆ, ಕ್ರೈಸ್ (KREIS) ವಿದ್ಯಾರ್ಥಿಗಳಿಗೆ ನಡೆಸಲಾಗುವುದು. ಶಾಲಾ ಹಂತ, ತಾಲ್ಲೂಕು ಹಂತ ಮತ್ತು ಜಿಲ್ಲಾ ಹಂತದಲ್ಲಿ ಸ್ಪರ್ಧೆ ನಡೆಸಿ ಪ್ರಥಮ, ದ್ವಿತೀಯ ಹಾಗೂ ತೃತೀಯ ಸ್ಥಾನ ಪಡೆದ ಅಭ್ಯರ್ಥಿಗಳನ್ನು ರಾಜ್ಯ ಮಟ್ಟಕ್ಕೆ ಕಳುಹಿಸಿಕೊಡಲಾಗುವುದು.
ಈ ಮೂರು ಕಾರ್ಯಕ್ರಮಗಳ ಚಿತ್ರಕಲಾ ಸ್ಪರ್ಧೆ, ಭಾಮಾಚಿತ್ರ ಸ್ಪರ್ಧೆ ಮತ್ತು ಭಾಷಣ ಸ್ಪರ್ಧೆಯಲ್ಲಿ ಆಯ್ಕೆಯಾದ ವಿದ್ಯಾರ್ಥಿಗಳಿಗೆ ಜಿಲ್ಲಾಮಟ್ಟದಲ್ಲಿ ಬಹುಮಾನ ಮತ್ತು ಪ್ರಮಾಣ ಪತ್ರ ನೀಡಲಾಗುವುದು. ರಾಜ್ಯ ಮಟ್ಟದ ಬಹುಮಾನದ ಮೊತ್ತ: ಪ್ರಥಮ ಸ್ಥಾನ 1 ಲಕ್ಷ, ದ್ವಿತೀಯ 50 ಸಾವಿರ, ತೃತೀಯ 25 ಸಾವಿರ ನೀಡಲಾಗುವುದು.
ಸೈಕಲ್ ಜಾಥಾ : ಜಿಲ್ಲಾದ್ಯಂತ ಸೆ.15 ರಂದು ಸೈಕಲ್ ಜಾಥಾವನ್ನು ಆಯಾ ತಾಲೂಕಿನಲ್ಲಿ ಹಮ್ಮಿಕೊಳ್ಳಲಾಗಿದೆ. ಹಾಗೂ ಜಿಲ್ಲಾ ಕೇಂದ್ರ ಹೊಸಪೇಟೆ ನಗರದಲ್ಲಿ ಬೆಳಿಗ್ಗೆ 7. ಗಂಟೆಗೆ ಸೈಕಲ್ ಜಾಥಾ ಹಮ್ಮಿಕೊಳ್ಳಲಾಗುತ್ತದೆ. ಜಾಥಾದಲ್ಲಿ 14 ವರ್ಷ ಮೇಲ್ಪಟ್ಟ ಪ್ರತಿಯೊಬ್ಬರೂ ತಮ್ಮ ಸೈಕಲ್ ನೊಂದಿಗೆ ಭಾಗವಹಿಸಬಹುದಾಗಿದೆ.
ಬೈಕ್ ರ‍್ಯಾಲಿ : ಸೆ.14 ರಂದು, ಬೆ.9 ಗಂಟೆಗೆ ವಿಜಯನಗರ ಜಿಲ್ಲೆಯಿಂದ ಬೈಕ್ ರ‍್ಯಾಲಿಯನ್ನು ಹಮ್ಮಿಕೊಳ್ಳಲಾಗಿರುತ್ತದೆ. ಜಿಲ್ಲೆಯಿಂದ 10 ಜನ ಸರಿಸುಮಾರು 20 ಬೈಕ್ ಗಳ ಮೂಲಕ ಬಳ್ಳಾರಿ ಜಿಲ್ಲೆಯ ಅಂತರಾಷ್ಟ್ರೀಯ ಪ್ರಜಾಪ್ರಭುತ್ವ ದಿನಾಚರಣೆ ಬೈಕ್ ಜಾಥಾದಲ್ಲಿ ಭಾಗವಹಿಸಲಿದ್ದಾರೆ.
ಸಭೆಯಲ್ಲಿ ಅಪರ ಜಿಲ್ಲಾಧಿಕಾರಿ ಇ.ಬಾಲಕೃಷ್ಣಪ್ಪ, ಹೆಚ್ಚುವರಿ ಪೊಲೀಸ್ ವರಿಷ್ಠಾಧಿಕಾರಿ ಟಿ.ಮಂಜುನಾಥ, ಹೊಸಪೇಟೆ ಉಪ ವಿಭಾಗಾಧಿಕಾರಿ ವಿವೇಕಾನಂದ, ತಹಶೀಲ್ದಾರ್ ಎಂ.ಶೃತಿ, ಹೊಸಪೇಟೆ ನಗರಸಭೆ ಪೌರಾಯುಕ್ತ ಶಿವಕುಮಾರ್, ಕೆ.ಯಲ್ಲಪ್ಪ ಸೇರಿದಂತೆ ವಿವಿಧ ಇಲಾಖೆಗಳ ಅಧಿಕಾರಿಗಳು ಇದ್ದರು.
ಹೊಸಪೇಟೆ ಟೈಮ್ಸ್ ದಿನಪತ್ರಿಕೆ
ನಾಳೆ ಹೊಸಪೇಟೆ ನಗರದ ವಿವಿಧೆಡೆ ವಿದ್ಯುತ್ ವ್ಯತ್ಯಯ
ಮೊದಲನೇ ಪುಟದಿಂದ:
ಸಂಕ್ಲಾಪುರ ಇಂಡಸ್ಟ್ರಿಯಲ್ ಏರಿಯಾ, ಕರ್ನಾಟಕ ಅಮೂಲ್ ಫ್ಯಾಕ್ಟರಿ ಏರಿಯಾ, ಕಾರಿಗನೂರು, ಏಳುಮನೆ ನಗರ, ಅಕ್ಕಾಪೀರ, ಪಾವತಿ ನಗರ, ವಿದ್ಯಾಕಿರಣ ನಗರ, ಸಂಡೂರು ರೋಡ್, ರಾಮಾ ಟಾಕೀಸ್ ಏರಿಯಾ, ಚಲುವಾದಿ ಕೇರಿ, ಉಕ್ಕಡಕೇರಿ, ಚಿತ್ತವಾಡಿಗಿ, ವ್ಯಾಸನಕೆರೆ, ಬಾಣದಕೇರಿ, ಜಂಬುನಾಥಹಳ್ಳಿ ಹಾಗೂ ಸುತ್ತಮುತ್ತಲಿನ ಪ್ರದೇಶಗಳು.
ಅನಾಥೆಯೊಬ್ಬಳ ಶವ ಪತ್ತೆ
ಹೊಸಪೇಟೆ ಟೈಮ್ಸ್ ನ್ಯೂಸ್ ವಿಜಯನಗರ(ಹೊಸಪೇಟೆ):
ಹೊಸಪೇಟೆ ನಗರದ ಮಹಿಳಾ ಸಮಾಜ ಶಾಲೆಯ ಎದುರಿನ ರಸ್ತೆಯಲ್ಲಿ ಸುಮಾರು 35 ರಿಂದ 40 ವರ್ಷದ ಅನಾಮಧೇಯ ಶವ ಪತ್ತೆಯಾಗಿದ್ದು, ಹೊಸಪೇಟೆ ಪಟ್ಟಣ ಪೊಲೀಸ್ ಠಾಣೆಯಲ್ಲಿ ಪ್ರಕರಣ ದಾಖಲಾಗಿದೆ. ವ್ಯಕ್ತಿಯ ಚಹರೆ: 5.6 ಅಡಿ ಎತ್ತರ, ತೆಳುವಾದ ಮೈಕಟ್ಟು, ಕಪ್ಪು ಬಣ್ಣದ ಕೂದಲು ಮತ್ತು ಬಿಳಿ ಗಡ್ಡ ಹೊಂದಿದ್ದಾರೆ. ಮೃತರ ಗುರುತು ಪತ್ತೆಯಾದಲ್ಲಿ ಪೊಲೀಸ್ ಠಾಣೆ ದೂ.08394-224033, 9480805745 ಡಿವೈಎಸ್ಪಿ ದೂ.08394224204, ತಿಳಿಸಿ.
ಅನ್ನಪತ್ರೆ, ಎಂ.ಜೆ.ನಗರ, ಎಸ್.ಆರ್ ನಗರ, ಭಗತ್‌ಸಿಂಗ್ ನಗರ, ರಾಣಿಪೇಟೆ ನಗರ, ಸಿದ್ದಲಿಂಗಪ್ಪ ಚೌಕಿ ಮತ್ತು ಹಂಪಿ ರಸ್ತೆ, ಇಂದಿರಾನಗರ, ಚಾಪಲಗಡ್ಡ ಸುತ್ತಮುತ್ತಲಿನ ಪ್ರದೇಶಗಳು, ಮೊದಲನೇ ಪುಟದಿಂದ: ಗೋಕುಲ ನಗರ, ಕಲ್ಲಳ್ಳಿ, ರಾಜಾಪುರ, ಜಿ.ಜಿ ಕಾಲನಿ, ಕರವೆದಿಬಿ ವೃತ್ತ, ವ್ಯಾಸನಕೆರೆ, ಕಾಕುಬಾಳು, ಗುಡ್ಡದರಹಿತ್ತಿ ಸಿ.ಕೆ ಹಟ್ಟಿ, ಸಂಕ್ಲಾಪುರ, ಗಾದಿಗನೂರು, ಬೈಲುವದ್ದಿಗೇರಿ, ಹೊಸೂರು, ಇತ್ಯಾದಿ. ಈ ಮಾರ್ಗಗಳ ಸರಬರಾಜು 118 ಡಣಾಪುರ, ಕುಲುವಾಳ ಕ್ರಾಂತಿಗಳು, ಮಲಪನಗುಡಿ ಇತ್ಯಾದಿ ಕಡೆಗಳಲ್ಲಿ ವಿದ್ಯುತ್ ಸರಬರಾಜಿನಲ್ಲಿ ವ್ಯತ್ಯಯ ಉಂಟಾಗಲಿದ್ದು, ಸಾರ್ವಜನಿಕರು ಹಾಗೂ ಗ್ರಾಹಕರು ಸಹಕರಿಸಬೇಕೆಂದು ಪ್ರಕಟಣೆಯಲ್ಲಿ ತಿಳಿಸಿದ್ದಾರೆ.
ಹಿರಿಯ ನಾಗರಿಕರ ಕ್ರೀಡಾಕೂಟಕ್ಕೆ ಹೆಸರು ನೋಂದಾಯಿಸಲು ಅರ್ಜಿ ಆಹ್ವಾನ
ಹೊಸಪೇಟೆ ಟೈಮ್ಸ್ ನ್ಯೂಸ್
ವಿಜಯನಗರ(ಹೊಸಪೇಟೆ): 2025-26ನೇ ಸಾಲಿನ ವಿಕಲಚೇತನರ ಹಾಗೂ ಹಿರಿಯ ನಾಗರಿಕರ ಸಬಲೀಕರಣ ಇಲಾಖೆಯಿಂದ ಅಕ್ಟೋಬರ್ 1 ರಂದು ವಿಶ್ವ ಹಿರಿಯ ನಾಗರಿಕರ ದಿನಾಚರಣೆ ನಿಮಿತ್ತ ಜಿಲ್ಲಾ ಮಟ್ಟದ ಕ್ರೀಡಾಕೂಟವನ್ನು ಹಮ್ಮಿಕೊಳ್ಳಲಾಗಿದ್ದು, ಅರ್ಹ ಅಭ್ಯರ್ಥಿಗಳು ಹೆಸರು ನೋಂದಾಯಿಸಲು ಅರ್ಜಿ ಆಹ್ವಾನಿಸಲಾಗಿದೆ ಎಂದು ಜಿಲ್ಲಾ ಅಂಗವಿಕಲರ ಕಲ್ಯಾಣಾಧಿಕಾರಿ ತಿಳಿಸಿದ್ದಾರೆ.
ಜಿಲ್ಲಾ ಮಟ್ಟದ ಕ್ರೀಡಾಕೂಟದಲ್ಲಿ 60 ವರ್ಷ ಹಾಗೂ ಅದಕ್ಕಿಂತ ಮೇಲ್ಪಟ್ಟ ಹಿರಿಯ ನಾಗರಿಕರಿಗೆ ಕ್ರೀಡಾ ಸ್ಪರ್ಧೆ ಮತ್ತು ಸಾಂಸ್ಕೃತಿಕ ಸ್ಪರ್ಧೆಗಳನ್ನು ಆಯೋಜಿಸಲಾಗಿದೆ.
ಕ್ರೀಡಾ ಸ್ಪರ್ಧೆಗಳು : ಮ್ಯೂಸಿಕಲ್ ಚೇರ್, ಬಿರುಸಿನ ನಡಿಗೆ, ಬಕೆಟ್‌ನಲ್ಲಿ ಬಾಲ್ ಎಸೆಯುವುದು.
ಸಾಂಸ್ಕೃತಿಕ ಸ್ಪರ್ಧೆಗಳು : ಗಾಯನ ಸ್ಪರ್ಧೆ, ಏಕಪಾತ್ರಾಭಿನಯ ಹಮ್ಮಿಕೊಳ್ಳಲಾಗಿದೆ. ಜಿಲ್ಲೆಯ ಆಸಕ್ತ ಹಿರಿಯ ನಾಗರಿಕರು ಈ ಕ್ರೀಡಾಕೂಟದಲ್ಲಿ ಭಾಗವಹಿಸಲು ಸೆ.16 ರೊಳಗಾಗಿ ಜಿಲ್ಲಾ ಕಚೇರಿ ಮತ್ತು ಆಯಾ ತಾಲೂಕು ಪಂಚಾಯಿತಿಯಲ್ಲಿ ಹೆಸರನ್ನು ನೋಂದಾಯಿಸಬಹುದು. ಹೆಚ್ಚಿನ ಮಾಹಿತಿಗಾಗಿ ಸಂಪರ್ಕಿಸಿ: ಹನುಮಂತ ಮೊ.8217234704, ಶೀಲಾ ಎಡ್ವರ್ಡ್ ಮೊ.9380097652 ಮತ್ತು ತಾಲೂಕು ಪಂಚಾಯತಿಗಳಲ್ಲಿನ ಪುನರ್ವಸತಿ ಕಾರ್ಯಕರ್ತರಾದ ಆರ್.ಧನರಾಜ್ ಮೊ.9901182525, ಕೂಡ್ಲಿಗಿ ಚೌಡಪ್ಪ ಮೊ.9731747832, ಹಗರಿಬೊಮ್ಮನಹಳ್ಳಿ ಲಕ್ಷ್ಮಣ ಮೊ.9741185924, ಹೊಸಪೇಟೆ ಜಿ.ರವಿಕುಮಾರ್ ಮೊ.9945525991, ಹರಪನಹಳ್ಳಿ ಮಂಜುನಾಥ್ ಮೊ. 9900890403 ಮತ್ತು ಕೊಟ್ಟೂರು ಬಸಪ್ಪ ಮೊ.8296859012 ಇವರನ್ನು ಕಚೇರಿ ಅವಧಿಯಲ್ಲಿ ಸಂಪರ್ಕಿಸಬಹುದು.
ಹೆಚ್ಚಿನ ಮಾಹಿತಿಗಾಗಿ ಜಿಲ್ಲಾ ಅಂಗವಿಕಲರ ಕಲ್ಯಾಣಾಧಿಕಾರಿಗಳ ಕಚೇರಿ ಎಪಿಎಂಸಿ ಯಾರ್ಡ್, ಮಹಿಳಾ ಸಾಂತ್ವನ ಕೇಂದ್ರ ಹತ್ತಿರ, ಹೊಸಪೇಟೆ ಇಲ್ಲಿಗೆ ಸಂಪರ್ಕಿಸಬಹುದು.
OWNER , PUBLISHER & PRINTER K. M. REKHA PUBLISHED AT HOSPET TIMES, APOORVA OFFSET PRINTERS , SACHIDANAND LANE , MAIN BAZAR , HOSAPETE, BALLARI & PRINTED AT APOORVA OFFSET PRINTERS ,
SACHIDANAND LANE , MAIN BAZAR , HOSAPETE , BALLARI , EDITOR K. M. REKHA. EMAIL : hospettimes@gmail.com, Mob No 94484 41484.
